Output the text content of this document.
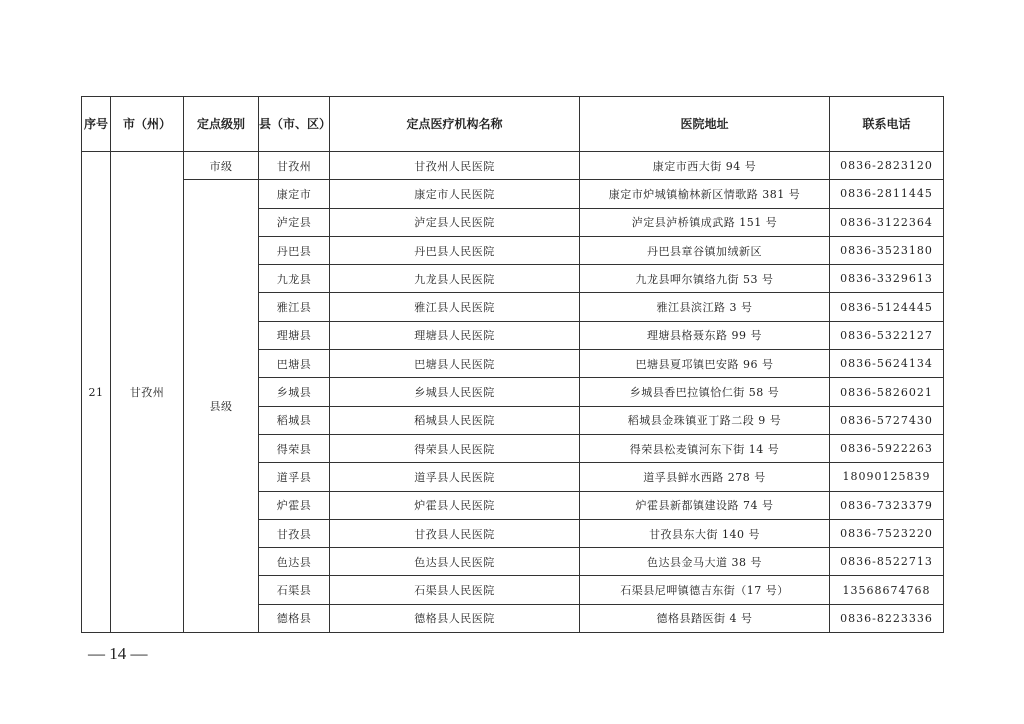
序号	市（州）	定点级别	县（市、区）	定点医疗机构名称	医院地址	联系电话
21	甘孜州	市级	甘孜州	甘孜州人民医院	康定市西大街 94 号	0836-2823120
		县级	康定市	康定市人民医院	康定市炉城镇榆林新区情歌路 381 号	0836-2811445
			泸定县	泸定县人民医院	泸定县泸桥镇成武路 151 号	0836-3122364
			丹巴县	丹巴县人民医院	丹巴县章谷镇加绒新区	0836-3523180
			九龙县	九龙县人民医院	九龙县呷尔镇络九街 53 号	0836-3329613
			雅江县	雅江县人民医院	雅江县滨江路 3 号	0836-5124445
			理塘县	理塘县人民医院	理塘县格聂东路 99 号	0836-5322127
			巴塘县	巴塘县人民医院	巴塘县夏邛镇巴安路 96 号	0836-5624134
			乡城县	乡城县人民医院	乡城县香巴拉镇恰仁街 58 号	0836-5826021
			稻城县	稻城县人民医院	稻城县金珠镇亚丁路二段 9 号	0836-5727430
			得荣县	得荣县人民医院	得荣县松麦镇河东下街 14 号	0836-5922263
			道孚县	道孚县人民医院	道孚县鲜水西路 278 号	18090125839
			炉霍县	炉霍县人民医院	炉霍县新都镇建设路 74 号	0836-7323379
			甘孜县	甘孜县人民医院	甘孜县东大街 140 号	0836-7523220
			色达县	色达县人民医院	色达县金马大道 38 号	0836-8522713
			石渠县	石渠县人民医院	石渠县尼呷镇德吉东街（17 号）	13568674768
			德格县	德格县人民医院	德格县踏医街 4 号	0836-8223336
— 14 —
